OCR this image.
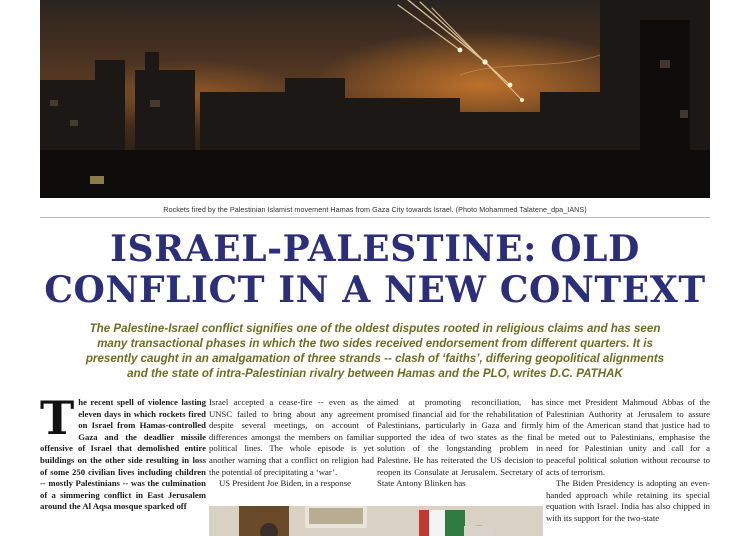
Rockets fired by the Palestinian Islamist movement Hamas from Gaza City towards Israel. (Photo Mohammed Talatene_dpa_IANS)
ISRAEL-PALESTINE: OLD
CONFLICT IN A NEW CONTEXT

The Palestine-Israel conflict signifies one of the oldest disputes rooted in religious claims and has seen
many transactional phases in which the two sides received endorsement from different quarters. It is
presently caught in an amalgamation of three strands -- clash of ‘faiths’, differing geopolitical alignments
and the state of intra-Palestinian rivalry between Hamas and the PLO, writes D.C. PATHAK

The recent spell of violence lasting eleven days in which rockets fired on Israel from Hamas-controlled Gaza and the deadlier missile offensive of Israel that demolished entire buildings on the other side resulting in loss of some 250 civilian lives including children -- mostly Palestinians -- was the culmination of a simmering conflict in East Jerusalem around the Al Aqsa mosque sparked off

Israel accepted a cease-fire -- even as the UNSC failed to bring about any agreement despite several meetings, on account of differences amongst the members on familiar political lines. The whole episode is yet another warning that a conflict on religion had the potential of precipitating a ‘war’.

US President Joe Biden, in a response

aimed at promoting reconciliation, has promised financial aid for the rehabilitation of Palestinians, particularly in Gaza and firmly supported the idea of two states as the final solution of the longstanding problem in Palestine. He has reiterated the US decision to reopen its Consulate at Jerusalem. Secretary of State Antony Blinken has

since met President Mahmoud Abbas of the Palestinian Authority at Jerusalem to assure him of the American stand that justice had to be meted out to Palestinians, emphasise the need for Palestinian unity and call for a peaceful political solution without recourse to acts of terrorism.

The Biden Presidency is adopting an even-handed approach while retaining its special equation with Israel. India has also chipped in with its support for the two-state
